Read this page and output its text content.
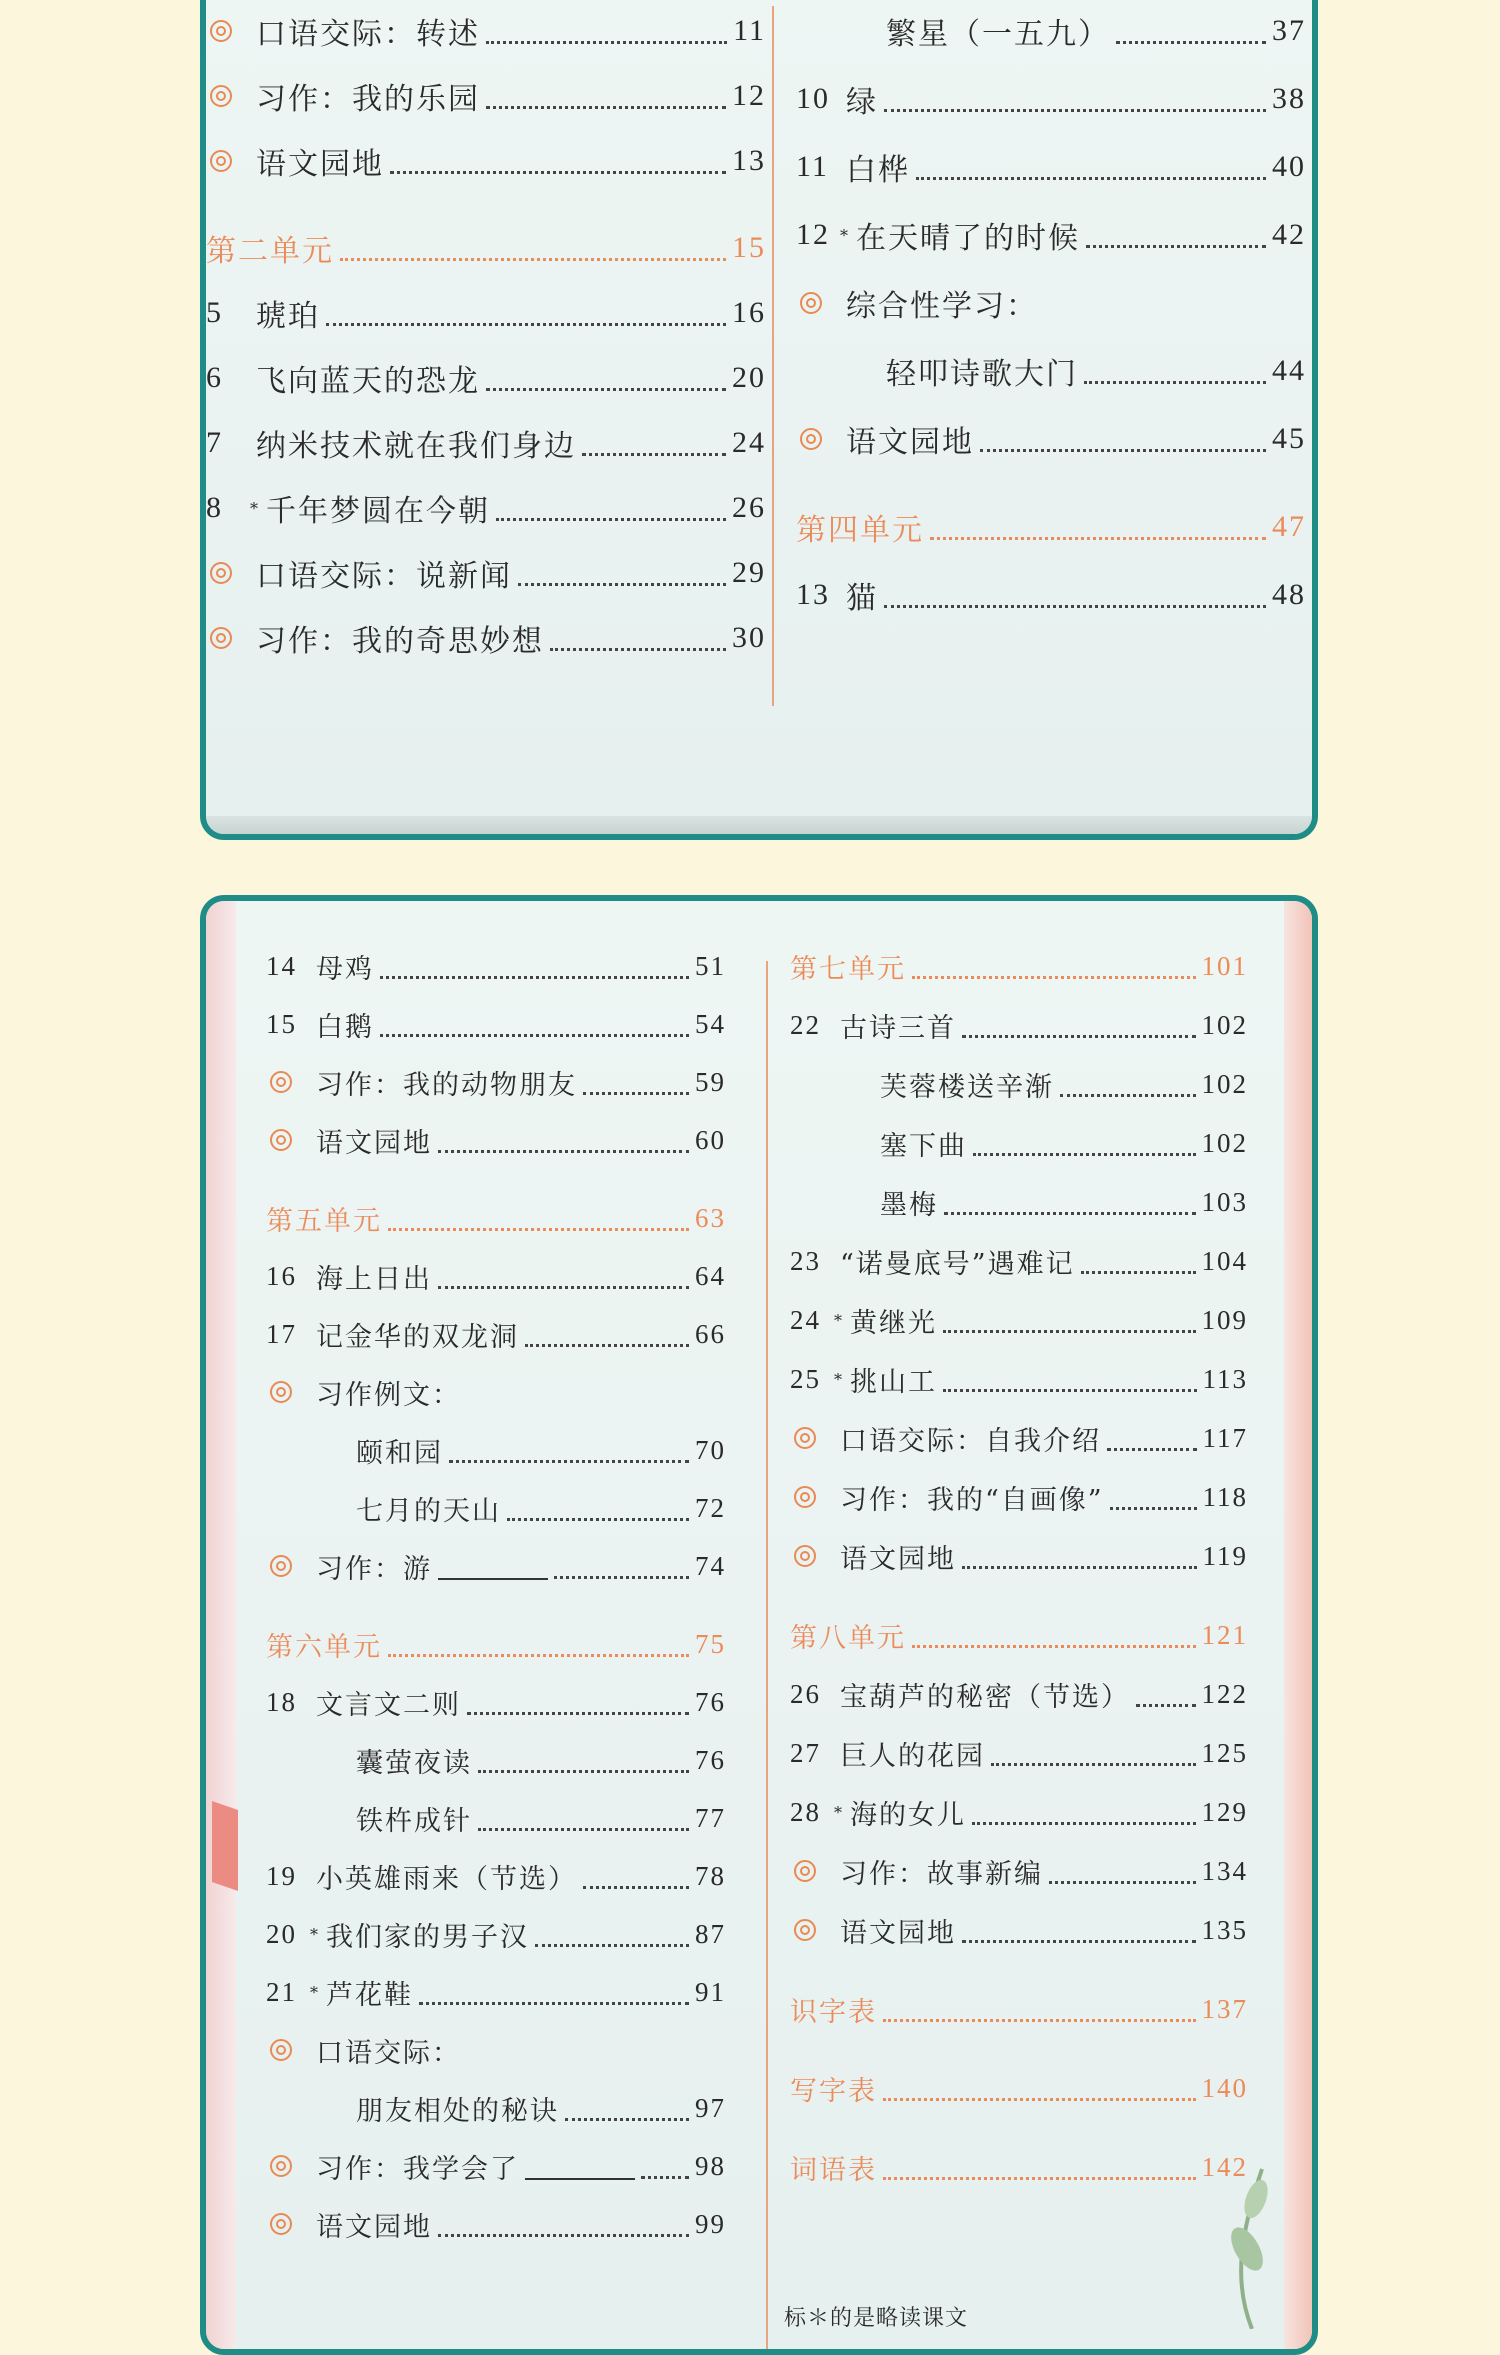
口语交际：转述	11
习作：我的乐园	12
语文园地	13
第二单元	15
5	琥珀	16
6	飞向蓝天的恐龙	20
7	纳米技术就在我们身边	24
8	* 千年梦圆在今朝	26
口语交际：说新闻	29
习作：我的奇思妙想	30
繁星（一五九）	37
10 绿	38
11 白桦	40
12 * 在天晴了的时候	42
综合性学习：
轻叩诗歌大门	44
语文园地	45
第四单元	47
13 猫	48
14 母鸡	51
15 白鹅	54
习作：我的动物朋友	59
语文园地	60
第五单元	63
16 海上日出	64
17 记金华的双龙洞	66
习作例文：
颐和园	70
七月的天山	72
习作：游	74
第六单元	75
18 文言文二则	76
囊萤夜读	76
铁杵成针	77
19 小英雄雨来（节选）	78
20 * 我们家的男子汉	87
21 * 芦花鞋	91
口语交际：
朋友相处的秘诀	97
习作：我学会了	98
语文园地	99
第七单元	101
22 古诗三首	102
芙蓉楼送辛渐	102
塞下曲	102
墨梅	103
23 “诺曼底号”遇难记	104
24 * 黄继光	109
25 * 挑山工	113
口语交际：自我介绍	117
习作：我的“自画像”	118
语文园地	119
第八单元	121
26 宝葫芦的秘密（节选）	122
27 巨人的花园	125
28 * 海的女儿	129
习作：故事新编	134
语文园地	135
识字表	137
写字表	140
词语表	142
标＊的是略读课文
